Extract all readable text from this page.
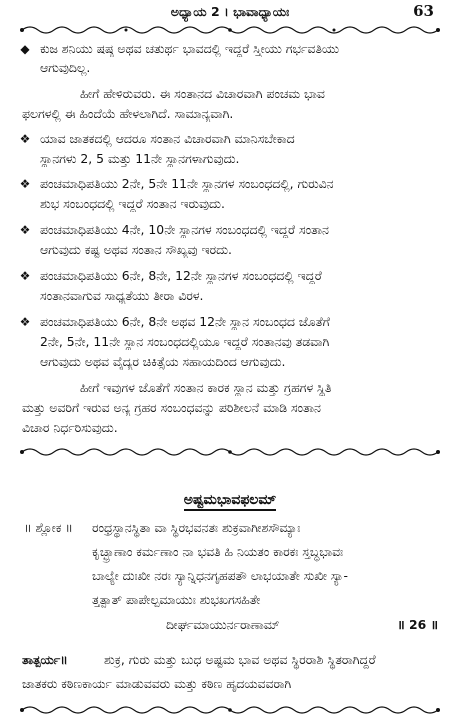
ಅಧ್ಯಾಯ 2 । ಭಾವಾಧ್ಯಾಯಃ	63
◆ ಕುಜ ಶನಿಯು ಷಷ್ಠ ಅಥವ ಚತುರ್ಥ ಭಾವದಲ್ಲಿ ಇದ್ದರೆ ಸ್ತ್ರೀಯು ಗರ್ಭವತಿಯು
ಆಗುವುದಿಲ್ಲ.
ಹೀಗೆ ಹೇಳಿರುವರು. ಈ ಸಂತಾನದ ವಿಚಾರವಾಗಿ ಪಂಚಮ ಭಾವ
ಫಲಗಳಲ್ಲಿ ಈ ಹಿಂದೆಯೆ ಹೇಳಲಾಗಿದೆ. ಸಾಮಾನ್ಯವಾಗಿ.
❖ ಯಾವ ಜಾತಕದಲ್ಲಿ ಆದರೂ ಸಂತಾನ ವಿಚಾರವಾಗಿ ಮಾನಿಸಬೇಕಾದ
ಸ್ಥಾನಗಳು 2, 5 ಮತ್ತು 11ನೇ ಸ್ಥಾನಗಳಾಗುವುದು.
❖ ಪಂಚಮಾಧಿಪತಿಯು 2ನೇ, 5ನೇ 11ನೇ ಸ್ಥಾನಗಳ ಸಂಬಂಧದಲ್ಲಿ, ಗುರುವಿನ
ಶುಭ ಸಂಬಂಧದಲ್ಲಿ ಇದ್ದರೆ ಸಂತಾನ ಇರುವುದು.
❖ ಪಂಚಮಾಧಿಪತಿಯು 4ನೇ, 10ನೇ ಸ್ಥಾನಗಳ ಸಂಬಂಧದಲ್ಲಿ ಇದ್ದರೆ ಸಂತಾನ
ಆಗುವುದು ಕಷ್ಟ ಅಥವ ಸಂತಾನ ಸೌಖ್ಯವು ಇರದು.
❖ ಪಂಚಮಾಧಿಪತಿಯು 6ನೇ, 8ನೇ, 12ನೇ ಸ್ಥಾನಗಳ ಸಂಬಂಧದಲ್ಲಿ ಇದ್ದರೆ
ಸಂತಾನವಾಗುವ ಸಾಧ್ಯತೆಯು ತೀರಾ ವಿರಳ.
❖ ಪಂಚಮಾಧಿಪತಿಯು 6ನೇ, 8ನೇ ಅಥವ 12ನೇ ಸ್ಥಾನ ಸಂಬಂಧದ ಜೊತೆಗೆ
2ನೇ, 5ನೇ, 11ನೇ ಸ್ಥಾನ ಸಂಬಂಧದಲ್ಲಿಯೂ ಇದ್ದರೆ ಸಂತಾನವು ತಡವಾಗಿ
ಆಗುವುದು ಅಥವ ವೈದ್ಯರ ಚಿಕಿತ್ಸೆಯ ಸಹಾಯದಿಂದ ಆಗುವುದು.
ಹೀಗೆ ಇವುಗಳ ಜೊತೆಗೆ ಸಂತಾನ ಕಾರಕ ಸ್ಥಾನ ಮತ್ತು ಗ್ರಹಗಳ ಸ್ಥಿತಿ
ಮತ್ತು ಅವರಿಗೆ ಇರುವ ಅನ್ಯ ಗ್ರಹರ ಸಂಬಂಧವನ್ನು ಪರಿಶೀಲನೆ ಮಾಡಿ ಸಂತಾನ
ವಿಚಾರ ನಿರ್ಧರಿಸುವುದು.
ಅಷ್ಟಮಭಾವಫಲಮ್
॥ ಶ್ಲೋಕ ॥ ರಂಧ್ರಸ್ಥಾನಸ್ಥಿತಾ ವಾ ಸ್ಥಿರಭವನತಃ ಶುಕ್ರವಾಗೀಶಸೌಮ್ಯಾಃ
ಕೃಚ್ಛ್ರಾಣಾಂ ಕರ್ಮಣಾಂ ನಾ ಭವತಿ ಹಿ ನಿಯತಂ ಕಾರಕಃ ಸ್ತಬ್ಧಭಾವಃ
ಬಾಲ್ಯೇ ದುಃಖೀ ನರಃ ಸ್ಯಾನ್ನಿಧನಗೃಹಪತೌ ಲಾಭಯಾತೇ ಸುಖೀ ಸ್ಯಾ-
ತ್ತತ್ಪಾತ್ ಪಾಪೇಲ್ಪಮಾಯುಃ ಶುಭಖಗಸಹಿತೇ
ದೀರ್ಘಮಾಯುರ್ನರಾಣಾಮ್	॥ 26 ॥
ತಾತ್ಪರ್ಯ॥	ಶುಕ್ರ, ಗುರು ಮತ್ತು ಬುಧ ಅಷ್ಟಮ ಭಾವ ಅಥವ ಸ್ಥಿರರಾಶಿ ಸ್ಥಿತರಾಗಿದ್ದರೆ
ಜಾತಕರು ಕಠಿಣಕಾರ್ಯ ಮಾಡುವವರು ಮತ್ತು ಕಠಿಣ ಹೃದಯವವರಾಗಿ
